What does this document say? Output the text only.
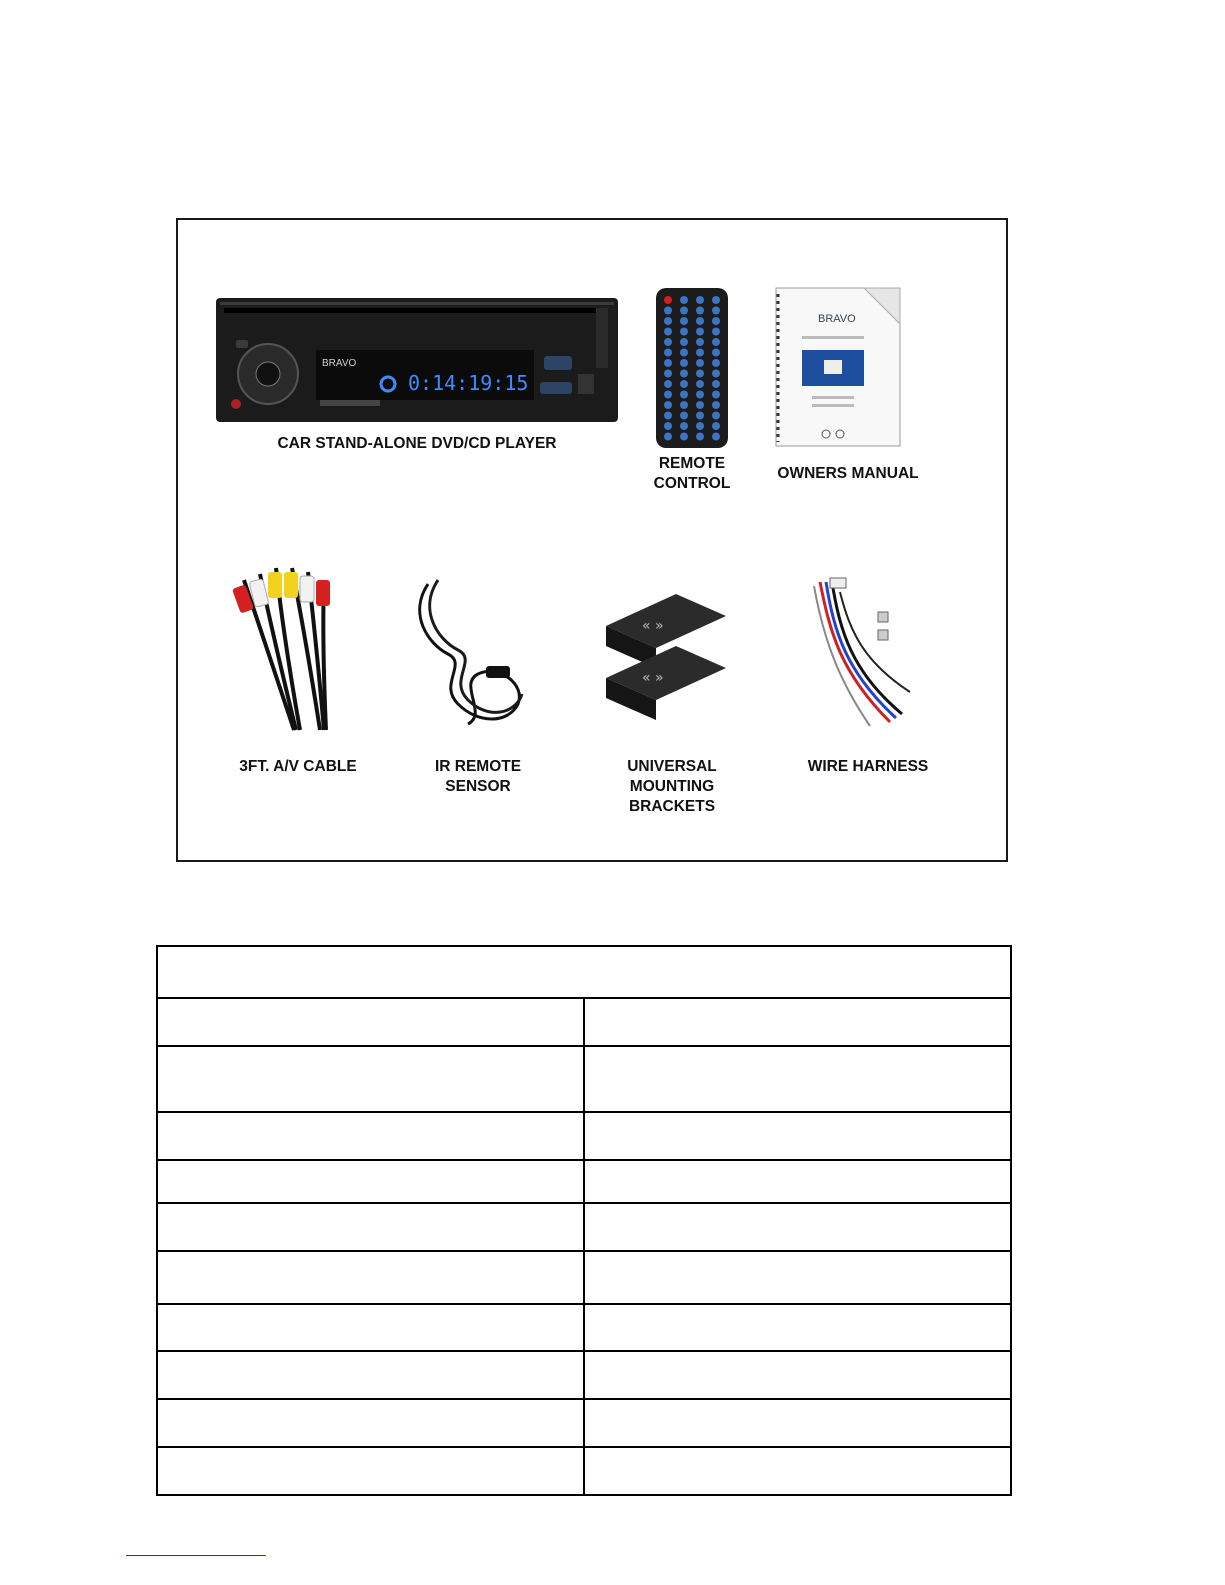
BRAVO
0:14:19:15
BRAVO
« »
« »
CAR STAND-ALONE DVD/CD PLAYER
REMOTE
CONTROL
OWNERS MANUAL
3FT. A/V CABLE	IR REMOTE
SENSOR
UNIVERSAL
MOUNTING
BRACKETS
WIRE HARNESS
